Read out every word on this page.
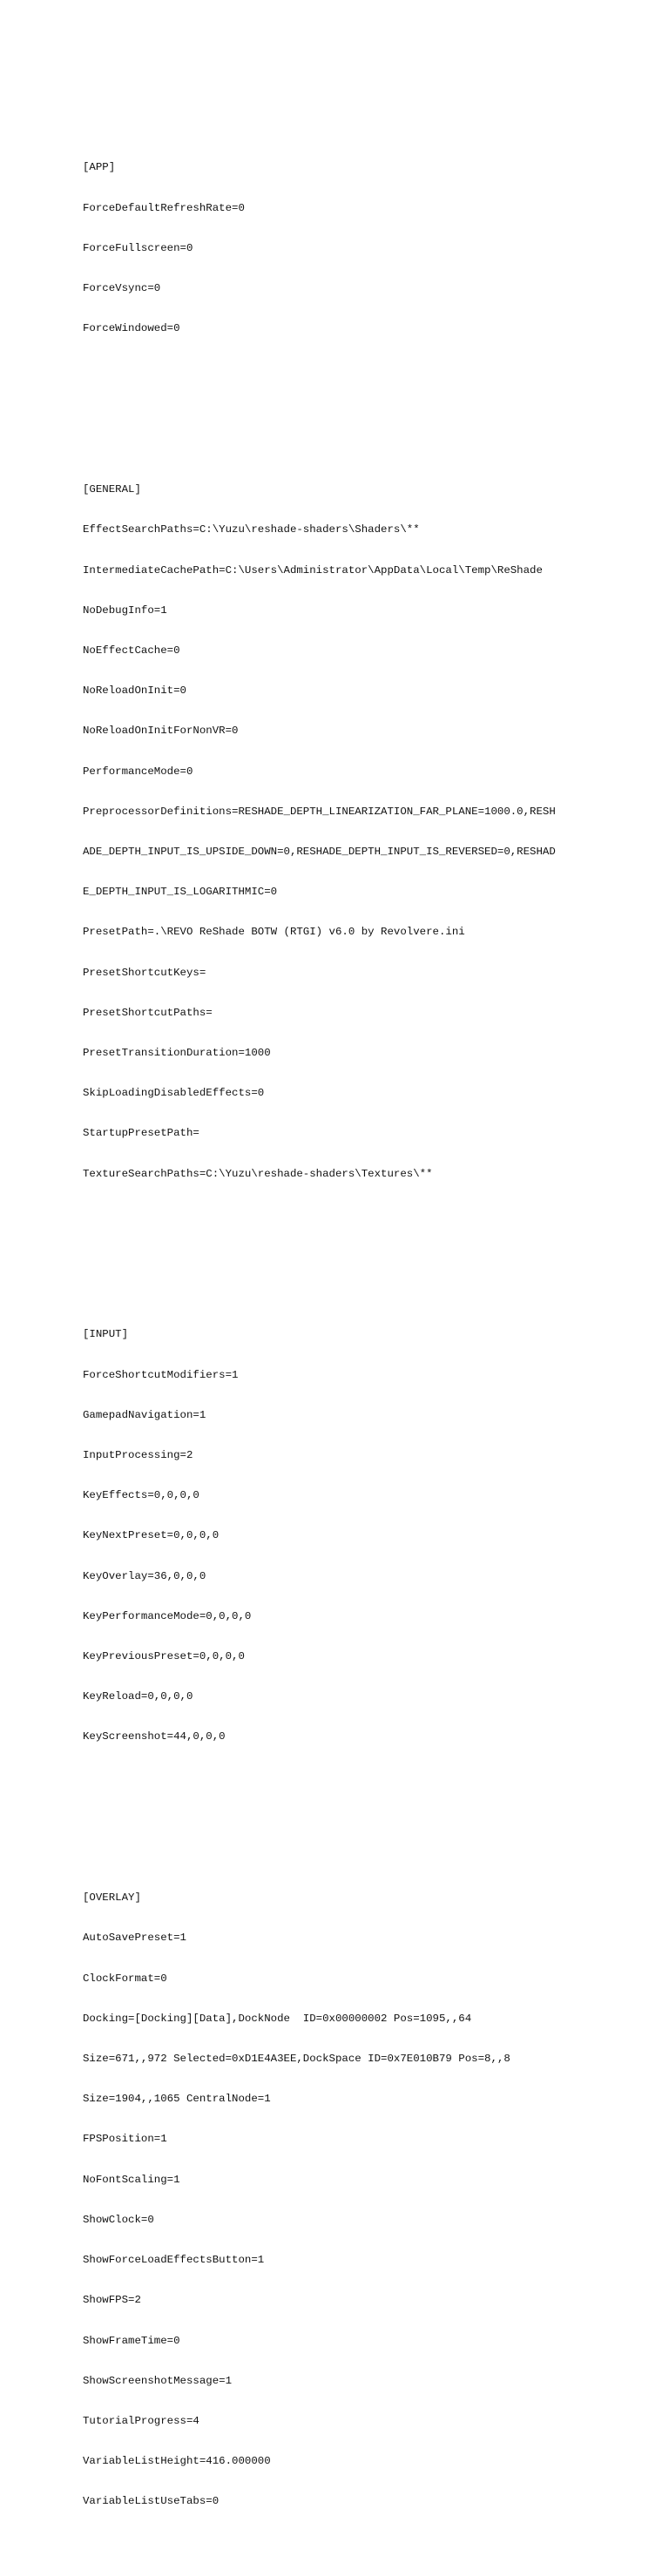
[APP]

ForceDefaultRefreshRate=0

ForceFullscreen=0

ForceVsync=0

ForceWindowed=0

[GENERAL]

EffectSearchPaths=C:\Yuzu\reshade-shaders\Shaders\**

IntermediateCachePath=C:\Users\Administrator\AppData\Local\Temp\ReShade

NoDebugInfo=1

NoEffectCache=0

NoReloadOnInit=0

NoReloadOnInitForNonVR=0

PerformanceMode=0

PreprocessorDefinitions=RESHADE_DEPTH_LINEARIZATION_FAR_PLANE=1000.0,RESH

ADE_DEPTH_INPUT_IS_UPSIDE_DOWN=0,RESHADE_DEPTH_INPUT_IS_REVERSED=0,RESHAD

E_DEPTH_INPUT_IS_LOGARITHMIC=0

PresetPath=.\REVO ReShade BOTW (RTGI) v6.0 by Revolvere.ini

PresetShortcutKeys=

PresetShortcutPaths=

PresetTransitionDuration=1000

SkipLoadingDisabledEffects=0

StartupPresetPath=

TextureSearchPaths=C:\Yuzu\reshade-shaders\Textures\**

[INPUT]

ForceShortcutModifiers=1

GamepadNavigation=1

InputProcessing=2

KeyEffects=0,0,0,0

KeyNextPreset=0,0,0,0

KeyOverlay=36,0,0,0

KeyPerformanceMode=0,0,0,0

KeyPreviousPreset=0,0,0,0

KeyReload=0,0,0,0

KeyScreenshot=44,0,0,0

[OVERLAY]

AutoSavePreset=1

ClockFormat=0

Docking=[Docking][Data],DockNode  ID=0x00000002 Pos=1095,,64

Size=671,,972 Selected=0xD1E4A3EE,DockSpace ID=0x7E010B79 Pos=8,,8

Size=1904,,1065 CentralNode=1

FPSPosition=1

NoFontScaling=1

ShowClock=0

ShowForceLoadEffectsButton=1

ShowFPS=2

ShowFrameTime=0

ShowScreenshotMessage=1

TutorialProgress=4

VariableListHeight=416.000000

VariableListUseTabs=0
